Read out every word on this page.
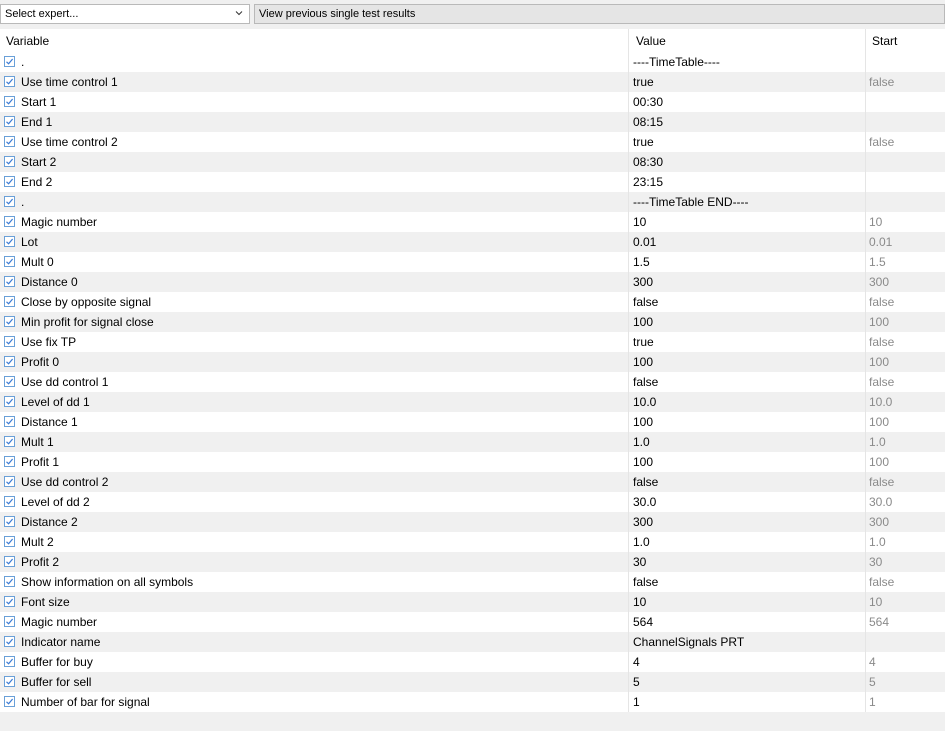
Select expert...	View previous single test results
Variable	Value	Start
.	----TimeTable----
Use time control 1	true	false
Start 1	00:30
End 1	08:15
Use time control 2	true	false
Start 2	08:30
End 2	23:15
.	----TimeTable END----
Magic number	10	10
Lot	0.01	0.01
Mult 0	1.5	1.5
Distance 0	300	300
Close by opposite signal	false	false
Min profit for signal close	100	100
Use fix TP	true	false
Profit 0	100	100
Use dd control 1	false	false
Level of dd 1	10.0	10.0
Distance 1	100	100
Mult 1	1.0	1.0
Profit 1	100	100
Use dd control 2	false	false
Level of dd 2	30.0	30.0
Distance 2	300	300
Mult 2	1.0	1.0
Profit 2	30	30
Show information on all symbols	false	false
Font size	10	10
Magic number	564	564
Indicator name	ChannelSignals PRT
Buffer for buy	4	4
Buffer for sell	5	5
Number of bar for signal	1	1
